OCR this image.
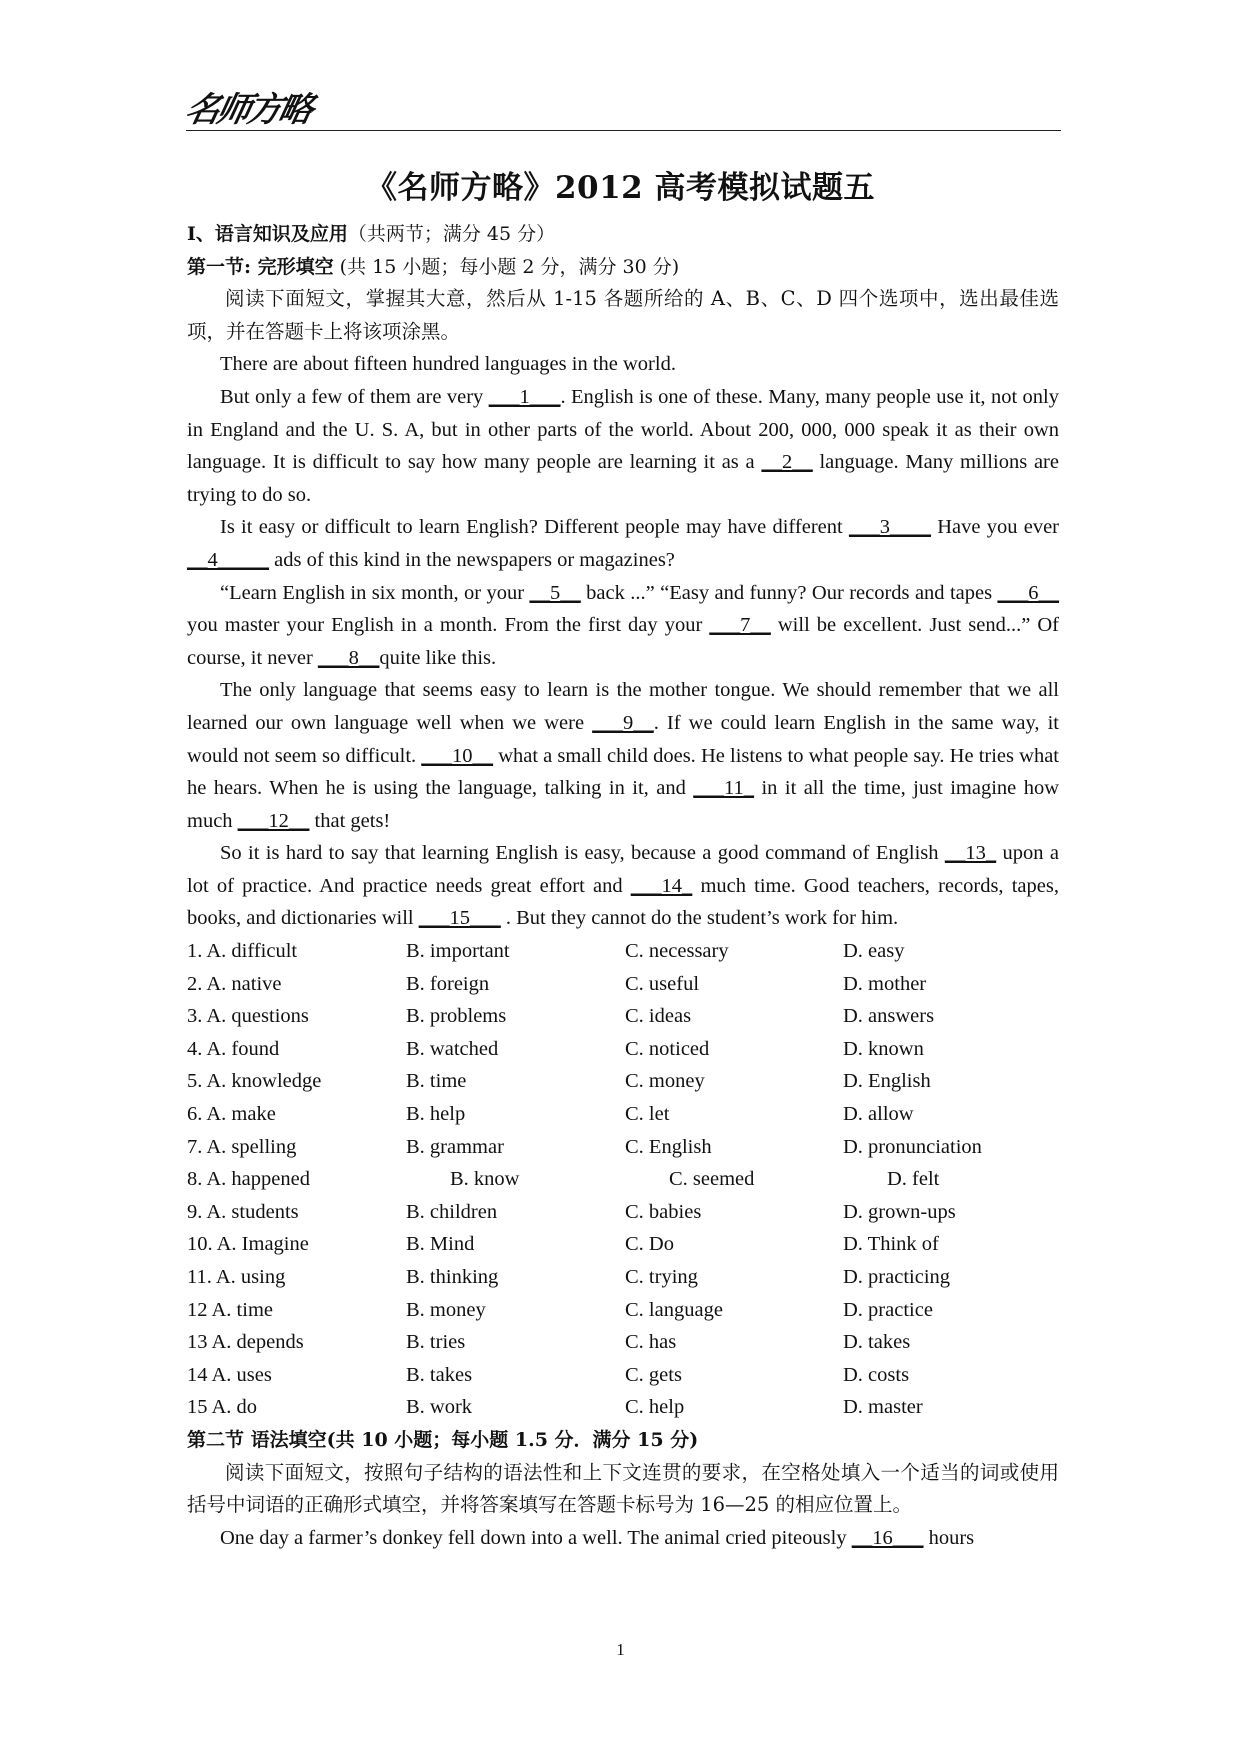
名师方略
《名师方略》2012 高考模拟试题五
Ⅰ、语言知识及应用（共两节；满分 45 分）
第一节: 完形填空 (共 15 小题；每小题 2 分，满分 30 分)
阅读下面短文，掌握其大意，然后从 1-15 各题所给的 A、B、C、D 四个选项中，选出最佳选项，并在答题卡上将该项涂黑。
There are about fifteen hundred languages in the world.
But only a few of them are very ___1___. English is one of these. Many, many people use it, not only in England and the U. S. A, but in other parts of the world. About 200, 000, 000 speak it as their own language. It is difficult to say how many people are learning it as a __2__ language. Many millions are trying to do so.
Is it easy or difficult to learn English? Different people may have different ___3____ Have you ever __4_____ ads of this kind in the newspapers or magazines?
“Learn English in six month, or your __5__ back ...” “Easy and funny? Our records and tapes ___6__ you master your English in a month. From the first day your ___7__ will be excellent. Just send...” Of course, it never ___8__quite like this.
The only language that seems easy to learn is the mother tongue. We should remember that we all learned our own language well when we were ___9__. If we could learn English in the same way, it would not seem so difficult. ___10__ what a small child does. He listens to what people say. He tries what he hears. When he is using the language, talking in it, and ___11_ in it all the time, just imagine how much ___12__ that gets!
So it is hard to say that learning English is easy, because a good command of English __13_ upon a lot of practice. And practice needs great effort and ___14_ much time. Good teachers, records, tapes, books, and dictionaries will ___15___ . But they cannot do the student’s work for him.
1. A. difficult	B. important	C. necessary	D. easy
2. A. native	B. foreign	C. useful	D. mother
3. A. questions	B. problems	C. ideas	D. answers
4. A. found	B. watched	C. noticed	D. known
5. A. knowledge	B. time	C. money	D. English
6. A. make	B. help	C. let	D. allow
7. A. spelling	B. grammar	C. English	D. pronunciation
8. A. happened	B. know	C. seemed	D. felt
9. A. students	B. children	C. babies	D. grown-ups
10. A. Imagine	B. Mind	C. Do	D. Think of
11. A. using	B. thinking	C. trying	D. practicing
12 A. time	B. money	C. language	D. practice
13 A. depends	B. tries	C. has	D. takes
14 A. uses	B. takes	C. gets	D. costs
15 A. do	B. work	C. help	D. master
第二节 语法填空(共 10 小题；每小题 1.5 分．满分 15 分)
阅读下面短文，按照句子结构的语法性和上下文连贯的要求，在空格处填入一个适当的词或使用括号中词语的正确形式填空，并将答案填写在答题卡标号为 16—25 的相应位置上。
One day a farmer’s donkey fell down into a well. The animal cried piteously __16___ hours
1
